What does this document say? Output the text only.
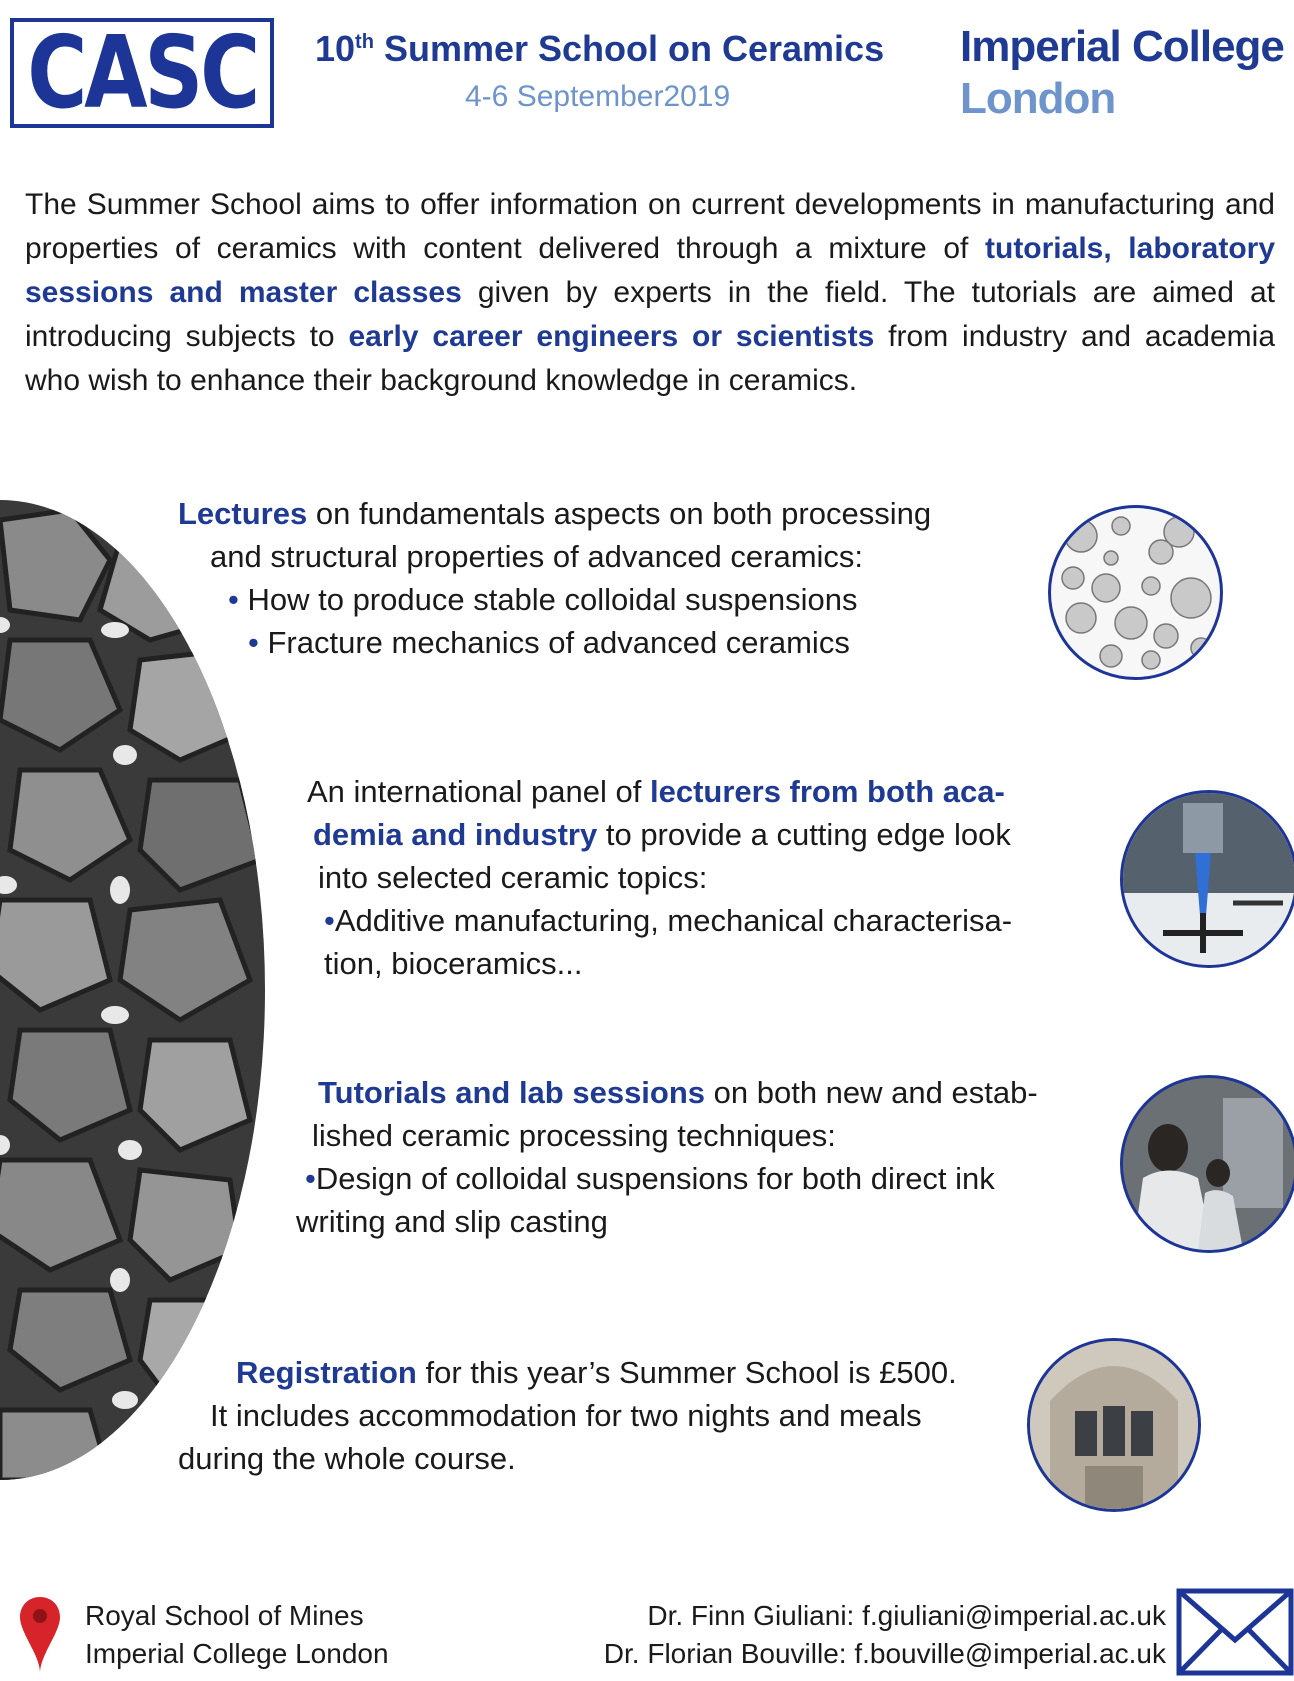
CASC 10th Summer School on Ceramics
4-6 September2019
Imperial College
London
The Summer School aims to offer information on current developments in manufacturing and properties of ceramics with content delivered through a mixture of tutorials, laboratory sessions and master classes given by experts in the field. The tutorials are aimed at introducing subjects to early career engineers or scientists from industry and academia who wish to enhance their background knowledge in ceramics.
Lectures on fundamentals aspects on both processing
and structural properties of advanced ceramics:
• How to produce stable colloidal suspensions
• Fracture mechanics of advanced ceramics
An international panel of lecturers from both aca-
demia and industry to provide a cutting edge look
into selected ceramic topics:
•Additive manufacturing, mechanical characterisa-
tion, bioceramics...
Tutorials and lab sessions on both new and estab-
lished ceramic processing techniques:
•Design of colloidal suspensions for both direct ink
writing and slip casting
Registration for this year’s Summer School is £500.
It includes accommodation for two nights and meals
during the whole course.
Royal School of Mines
Imperial College London
Dr. Finn Giuliani: f.giuliani@imperial.ac.uk
Dr. Florian Bouville: f.bouville@imperial.ac.uk
